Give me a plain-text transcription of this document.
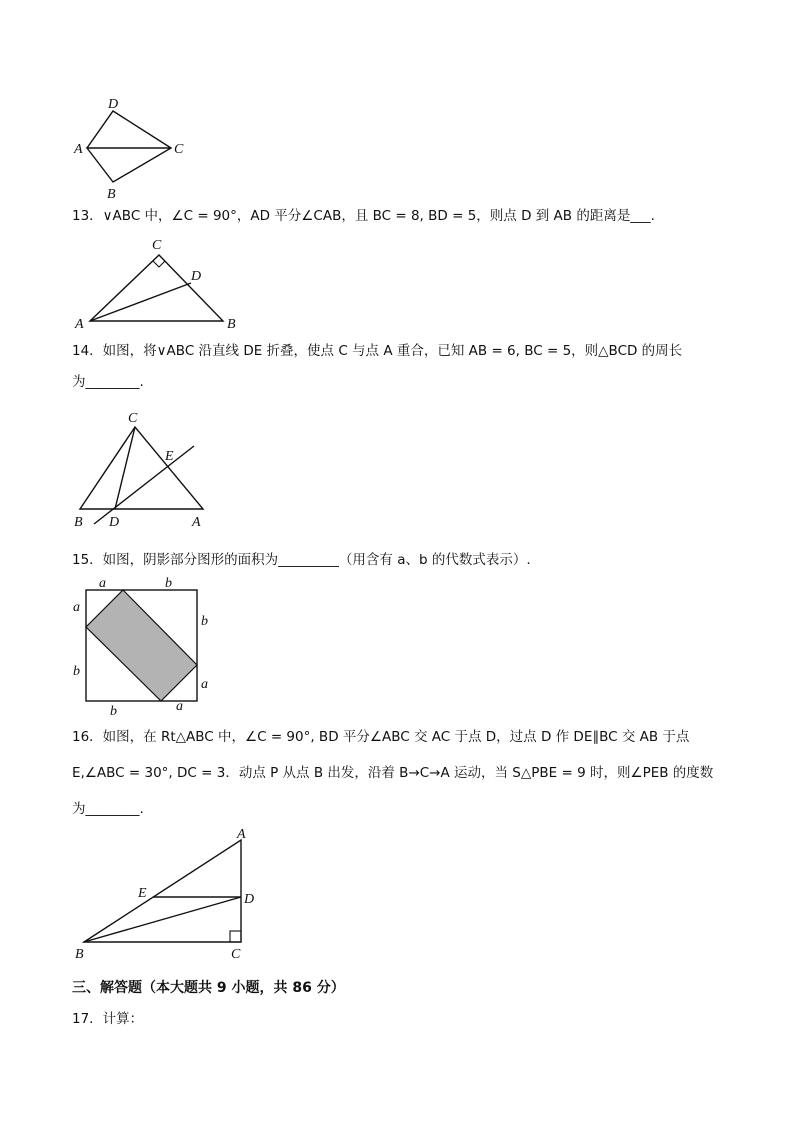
D
A	C
B
13．∨ABC 中，∠C = 90°，AD 平分∠CAB，且 BC = 8, BD = 5，则点 D 到 AB 的距离是___.
C
D
A	B
14．如图，将∨ABC 沿直线 DE 折叠，使点 C 与点 A 重合，已知 AB = 6, BC = 5，则△BCD 的周长
为________.
C
E
B D	A
15．如图，阴影部分图形的面积为_________（用含有 a、b 的代数式表示）.
a	b
a
b
b
a
b	a
16．如图，在 Rt△ABC 中，∠C = 90°, BD 平分∠ABC 交 AC 于点 D，过点 D 作 DE∥BC 交 AB 于点
E,∠ABC = 30°, DC = 3．动点 P 从点 B 出发，沿着 B→C→A 运动，当 S△PBE = 9 时，则∠PEB 的度数
为________.
A
E	D
B	C
三、解答题（本大题共 9 小题，共 86 分）
17．计算：
